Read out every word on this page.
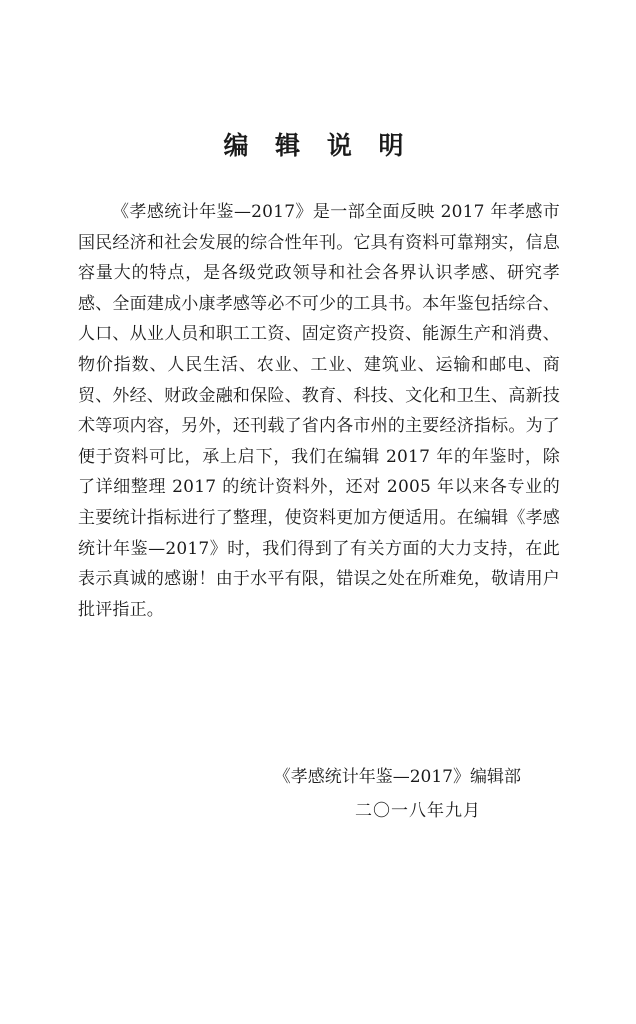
编 辑 说 明

《孝感统计年鉴—2017》是一部全面反映 2017 年孝感市国民经济和社会发展的综合性年刊。它具有资料可靠翔实，信息容量大的特点，是各级党政领导和社会各界认识孝感、研究孝感、全面建成小康孝感等必不可少的工具书。本年鉴包括综合、人口、从业人员和职工工资、固定资产投资、能源生产和消费、物价指数、人民生活、农业、工业、建筑业、运输和邮电、商贸、外经、财政金融和保险、教育、科技、文化和卫生、高新技术等项内容，另外，还刊载了省内各市州的主要经济指标。为了便于资料可比，承上启下，我们在编辑 2017 年的年鉴时，除了详细整理 2017 的统计资料外，还对 2005 年以来各专业的主要统计指标进行了整理，使资料更加方便适用。在编辑《孝感统计年鉴—2017》时，我们得到了有关方面的大力支持，在此表示真诚的感谢！由于水平有限，错误之处在所难免，敬请用户批评指正。

《孝感统计年鉴—2017》编辑部
二〇一八年九月
